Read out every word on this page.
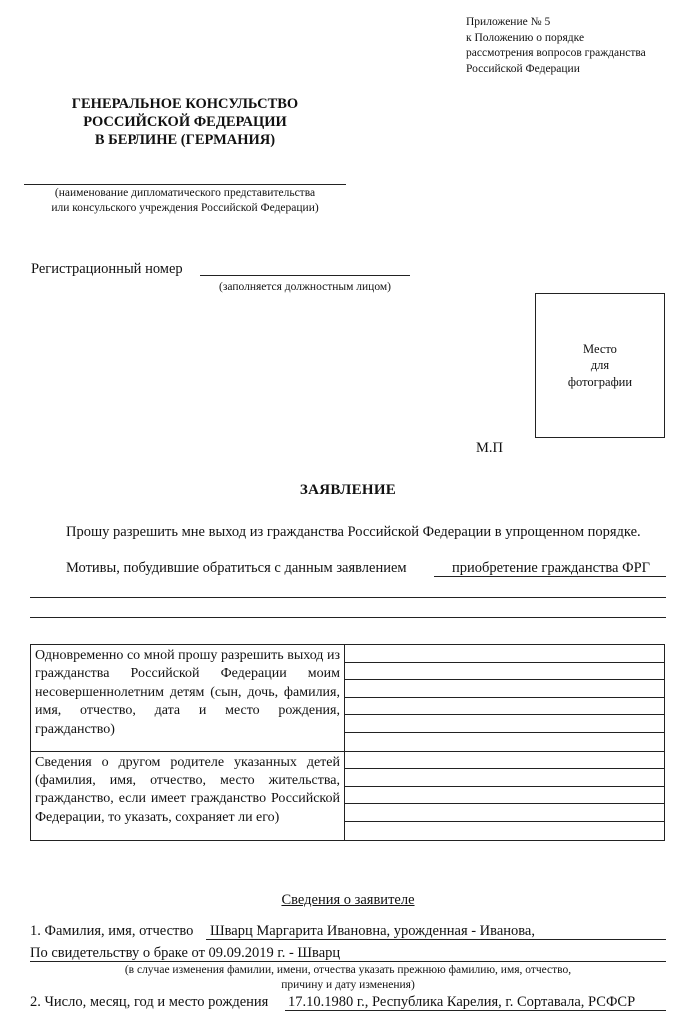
Приложение № 5
к Положению о порядке
рассмотрения вопросов гражданства
Российской Федерации
ГЕНЕРАЛЬНОЕ КОНСУЛЬСТВО
РОССИЙСКОЙ ФЕДЕРАЦИИ
В БЕРЛИНЕ (ГЕРМАНИЯ)
(наименование дипломатического представительства
или консульского учреждения Российской Федерации)
Регистрационный номер
(заполняется должностным лицом)
Место
для
фотографии
М.П
ЗАЯВЛЕНИЕ
Прошу разрешить мне выход из гражданства Российской Федерации в упрощенном порядке.
Мотивы, побудившие обратиться с данным заявлением	приобретение гражданства ФРГ
Одновременно со мной прошу разрешить выход из гражданства Российской Федерации моим несовершеннолетним детям (сын, дочь, фамилия, имя, отчество, дата и место рождения, гражданство)	

Сведения о другом родителе указанных детей (фамилия, имя, отчество, место жительства, гражданство, если имеет гражданство Российской Федерации, то указать, сохраняет ли его)	

Сведения о заявителе
1. Фамилия, имя, отчество Шварц Маргарита Ивановна, урожденная - Иванова,
По свидетельству о браке от 09.09.2019 г. - Шварц
(в случае изменения фамилии, имени, отчества указать прежнюю фамилию, имя, отчество,
причину и дату изменения)
2. Число, месяц, год и место рождения 17.10.1980 г., Республика Карелия, г. Сортавала, РСФСР
